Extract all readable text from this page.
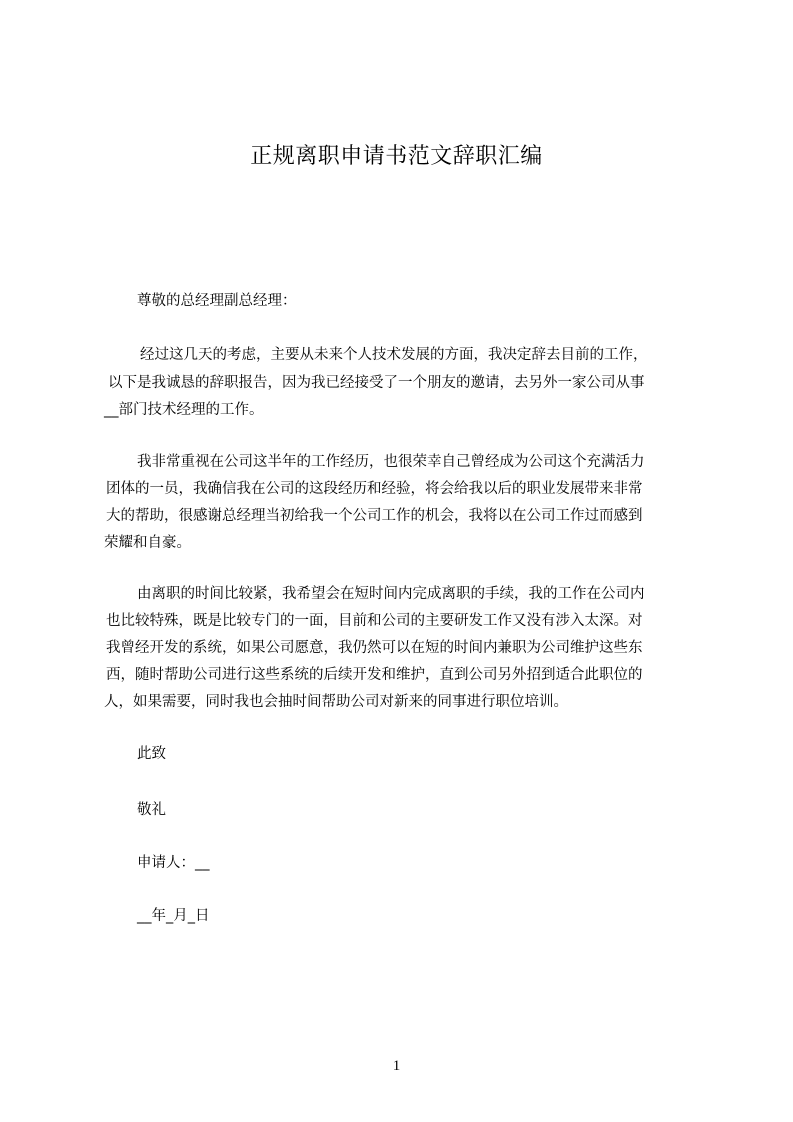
正规离职申请书范文辞职汇编
尊敬的总经理副总经理：
经过这几天的考虑，主要从未来个人技术发展的方面，我决定辞去目前的工作，
以下是我诚恳的辞职报告，因为我已经接受了一个朋友的邀请，去另外一家公司从事
__部门技术经理的工作。
我非常重视在公司这半年的工作经历，也很荣幸自己曾经成为公司这个充满活力
团体的一员，我确信我在公司的这段经历和经验，将会给我以后的职业发展带来非常
大的帮助，很感谢总经理当初给我一个公司工作的机会，我将以在公司工作过而感到
荣耀和自豪。
由离职的时间比较紧，我希望会在短时间内完成离职的手续，我的工作在公司内
也比较特殊，既是比较专门的一面，目前和公司的主要研发工作又没有涉入太深。对
我曾经开发的系统，如果公司愿意，我仍然可以在短的时间内兼职为公司维护这些东
西，随时帮助公司进行这些系统的后续开发和维护，直到公司另外招到适合此职位的
人，如果需要，同时我也会抽时间帮助公司对新来的同事进行职位培训。
此致
敬礼
申请人：__
__年_月_日
1
